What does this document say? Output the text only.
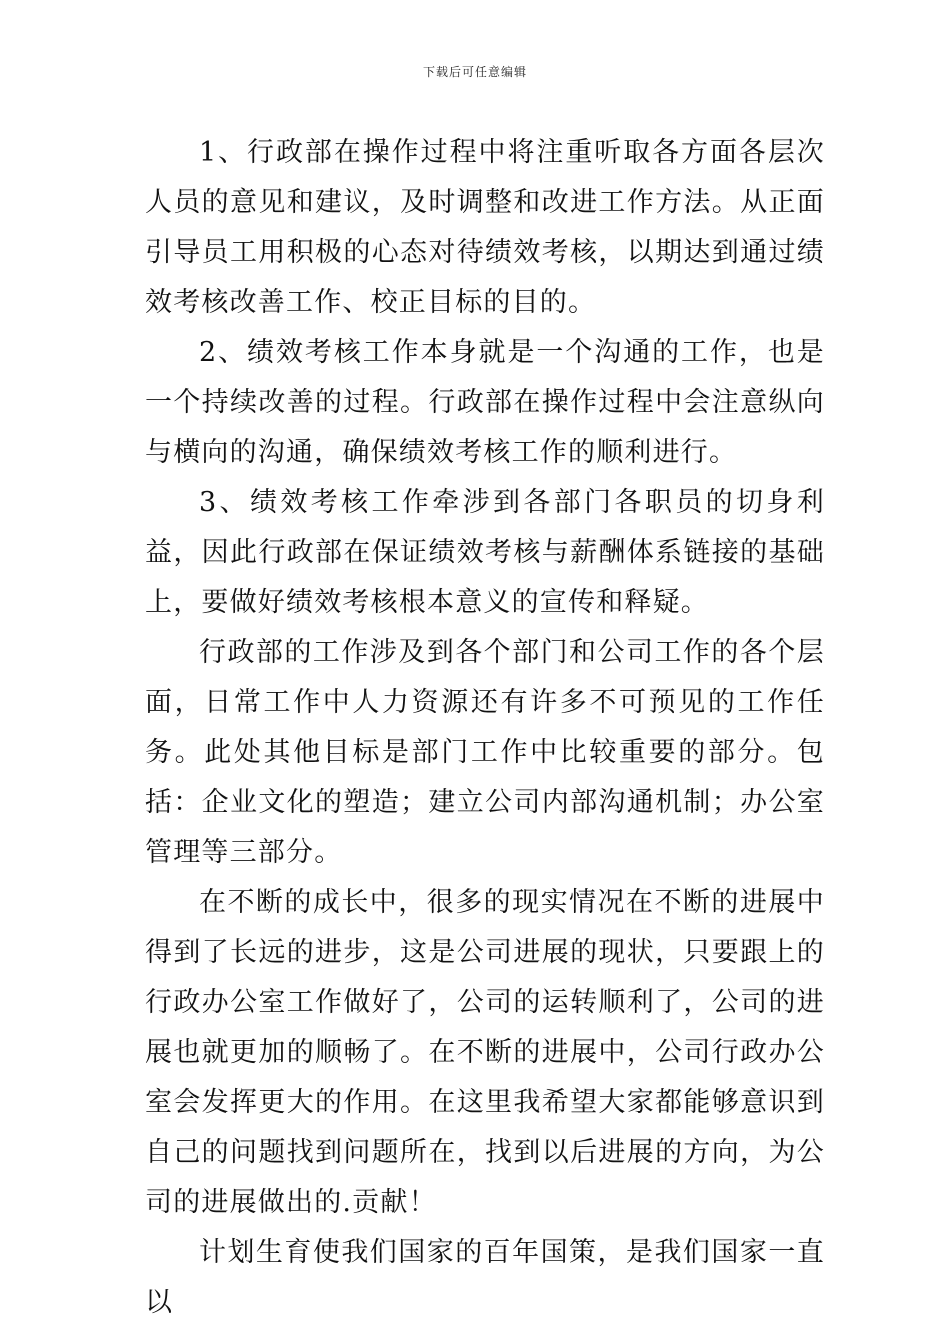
下载后可任意编辑

1、行政部在操作过程中将注重听取各方面各层次人员的意见和建议，及时调整和改进工作方法。从正面引导员工用积极的心态对待绩效考核，以期达到通过绩效考核改善工作、校正目标的目的。

2、绩效考核工作本身就是一个沟通的工作，也是一个持续改善的过程。行政部在操作过程中会注意纵向与横向的沟通，确保绩效考核工作的顺利进行。

3、绩效考核工作牵涉到各部门各职员的切身利益，因此行政部在保证绩效考核与薪酬体系链接的基础上，要做好绩效考核根本意义的宣传和释疑。

行政部的工作涉及到各个部门和公司工作的各个层面，日常工作中人力资源还有许多不可预见的工作任务。此处其他目标是部门工作中比较重要的部分。包括：企业文化的塑造；建立公司内部沟通机制；办公室管理等三部分。

在不断的成长中，很多的现实情况在不断的进展中得到了长远的进步，这是公司进展的现状，只要跟上的行政办公室工作做好了，公司的运转顺利了，公司的进展也就更加的顺畅了。在不断的进展中，公司行政办公室会发挥更大的作用。在这里我希望大家都能够意识到自己的问题找到问题所在，找到以后进展的方向，为公司的进展做出的.贡献！

计划生育使我们国家的百年国策，是我们国家一直以
